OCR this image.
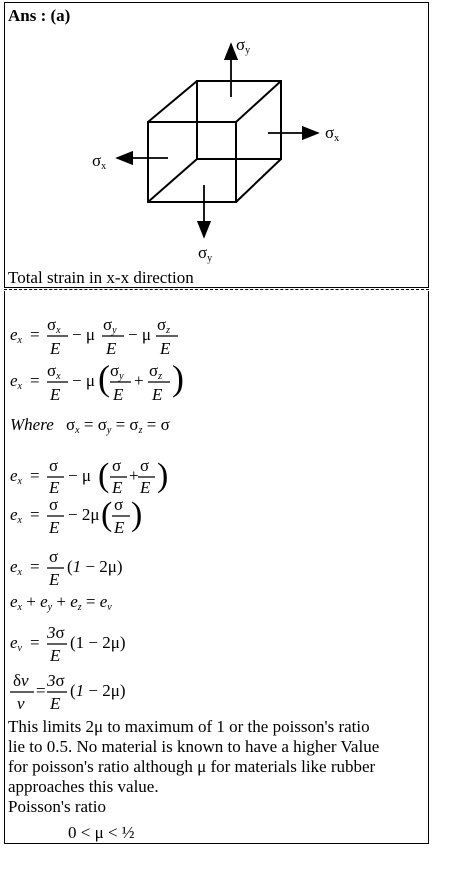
Ans : (a)
σy
σx
σx
σy
Total strain in x-x direction
ex =
σx
E
− μ
σy
E
− μ
σz
E
ex =
σx
E
− μ ( σy
E
+
σz
E )
Where σx = σy = σz = σ
ex =
σ
E
− μ ( σ
E
+
σ
E )
ex =
σ
E
− 2μ ( σ
E )
ex =
σ
E
(1 − 2μ)
ex + ey + ez = ev
ev =
3σ
E
(1 − 2μ)
δv
v
=
3σ
E
(1 − 2μ)
This limits 2μ to maximum of 1 or the poisson's ratio
lie to 0.5. No material is known to have a higher Value
for poisson's ratio although μ for materials like rubber
approaches this value.
Poisson's ratio
0 < μ < ½
